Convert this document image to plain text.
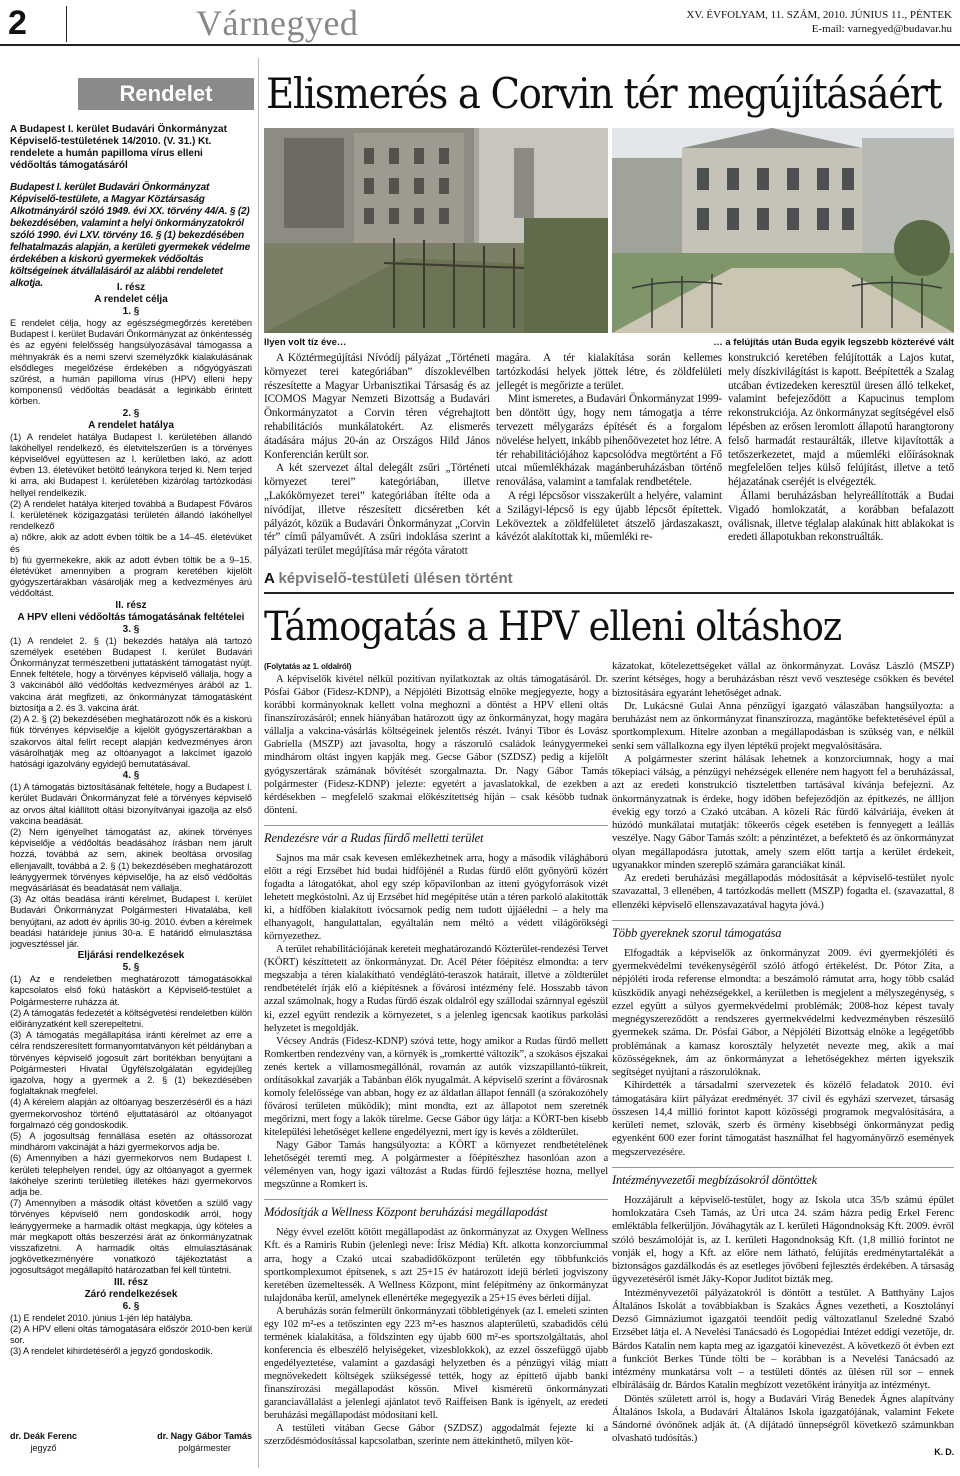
2	Várnegyed	XV. ÉVFOLYAM, 11. SZÁM, 2010. JÚNIUS 11., PÉNTEK
E-mail: varnegyed@budavar.hu
Rendelet
A Budapest I. kerület Budavári Önkormányzat Képviselő-testületének 14/2010. (V. 31.) Kt. rendelete a humán papilloma vírus elleni védőoltás támogatásáról
Budapest I. kerület Budavári Önkormányzat Képviselő-testülete, a Magyar Köztársaság Alkotmányáról szóló 1949. évi XX. törvény 44/A. § (2) bekezdésében, valamint a helyi önkormányzatokról szóló 1990. évi LXV. törvény 16. § (1) bekezdésében felhatalmazás alapján, a kerületi gyermekek védelme érdekében a kiskorú gyermekek védőoltás költségeinek átvállalásáról az alábbi rendeletet alkotja.	I. rész
A rendelet célja
1. §
E rendelet célja, hogy az egészségmegőrzés keretében Budapest I. kerület Budavári Önkormányzat az önkéntesség és az egyéni felelősség hangsúlyozásával támogassa a méhnyakrák és a nemi szervi személyzőkk kialakulásának elsődleges megelőzése érdekében a nőgyógyászati szűrést, a humán papilloma vírus (HPV) elleni hepy komponensű védőoltás beadását a leginkább érintett körben.
2. §
A rendelet hatálya
(1) A rendelet hatálya Budapest I. kerületében állandó lakóhellyel rendelkező, és életvitelszerűen is a törvényes képviselővel együttesen az I. kerületben lakó, az adott évben 13. életévüket betöltő leánykora terjed ki. Nem terjed ki arra, aki Budapest I. kerületében kizárólag tartózkodási hellyel rendelkezik.
(2) A rendelet hatálya kiterjed továbbá a Budapest Főváros I. kerületének közigazgatási területén állandó lakóhellyel rendelkező
a) nőkre, akik az adott évben töltik be a 14–45. életévüket és
b) fiú gyermekekre, akik az adott évben töltik be a 9–15. életévüket amennyiben a program keretében kijelölt gyógyszertárakban vásárolják meg a kedvezményes árú védőoltást.
II. rész
A HPV elleni védőoltás támogatásának feltételei
3. §
(1) A rendelet 2. § (1) bekezdés hatálya alá tartozó személyek esetében Budapest I. kerület Budavári Önkormányzat természetbeni juttatásként támogatást nyújt. Ennek feltétele, hogy a törvényes képviselő vállalja, hogy a 3 vakcinából álló védőoltás kedvezményes árából az 1. vakcina árát megfizeti, az önkormányzat támogatásként biztosítja a 2. és 3. vakcina árát.
(2) A 2. § (2) bekezdésében meghatározott nők és a kiskorú fiúk törvényes képviselője a kijelölt gyógyszertárakban a szakorvos által felírt recept alapján kedvezményes áron vásárolhatják meg az oltóanyagot a lakcímet igazoló hatósági igazolvány egyidejű bemutatásával.
4. §
(1) A támogatás biztosításának feltétele, hogy a Budapest I. kerület Budavári Önkormányzat felé a törvényes képviselő az orvos által kiállított oltási bizonyítványai igazolja az első vakcina beadását.
(2) Nem igényelhet támogatást az, akinek törvényes képviselője a védőoltás beadásához írásban nem járult hozzá, továbbá az sem, akinek beoltása orvosilag ellenjavallt, továbbá a 2. § (1) bekezdésében meghatározott leánygyermek törvényes képviselője, ha az első védőoltás megvásárlását és beadatását nem vállalja.
(3) Az oltás beadása iránti kérelmet, Budapest I. kerület Budavári Önkormányzat Polgármesteri Hivatalába, kell benyújtani, az adott év április 30-ig. 2010. évben a kérelmek beadási határideje június 30-a. E határidő elmulasztása jogvesztéssel jár.
Eljárási rendelkezések
5. §
(1) Az e rendeletben meghatározott támogatásokkal kapcsolatos első fokú hatáskört a Képviselő-testület a Polgármesterre ruházza át.
(2) A támogatás fedezetét a költségvetési rendeletben külön előirányzatként kell szerepeltetni.
(3) A támogatás megállapítása iránti kérelmet az erre a célra rendszeresített formanyomtatványon két példányban a törvényes képviselő jogosult zárt borítékban benyújtani a Polgármesteri Hivatal Ügyfélszolgálatán egyidejűleg igazolva, hogy a gyermek a 2. § (1) bekezdésében foglaltaknak megfelel.
(4) A kérelem alapján az oltóanyag beszerzéséről és a házi gyermekorvoshoz történő eljuttatásáról az oltóanyagot forgalmazó cég gondoskodik.
(5) A jogosultság fennállása esetén az oltássorozat mindhárom vakcináját a házi gyermekorvos adja be.
(6) Amennyiben a házi gyermekorvos nem Budapest I. kerületi telephelyen rendel, úgy az oltóanyagot a gyermek lakóhelye szerinti területileg illetékes házi gyermekorvos adja be.
(7) Amennyiben a második oltást követően a szülő vagy törvényes képviselő nem gondoskodik arról, hogy leánygyermeke a harmadik oltást megkapja, úgy köteles a már megkapott oltás beszerzési árát az önkormányzatnak visszafizetni. A harmadik oltás elmulasztásának jogkövetkezményére vonatkozó tájékoztatást a jogosultságot megállapító határozatban fel kell tüntetni.
III. rész
Záró rendelkezések
6. §
(1) E rendelet 2010. június 1-jén lép hatályba.
(2) A HPV elleni oltás támogatására először 2010-ben kerül sor.
(3) A rendelet kihirdetéséről a jegyző gondoskodik.
dr. Deák Ferenc
jegyző
dr. Nagy Gábor Tamás
polgármester
Elismerés a Corvin tér megújításáért
Ilyen volt tíz éve…	… a felújítás után Buda egyik legszebb közterévé vált

A Köztérmegújítási Nívódíj pályázat „Történeti környezet terei kategóriában” díszoklevélben részesítette a Magyar Urbanisztikai Társaság és az ICOMOS Magyar Nemzeti Bizottság a Budavári Önkormányzatot a Corvin téren végrehajtott rehabilitációs munkálatokért. Az elismerés átadására május 20-án az Országos Hild János Konferencián került sor.

A két szervezet által delegált zsűri „Történeti környezet terei” kategóriában, illetve „Lakókörnyezet terei” kategóriában ítélte oda a nívódíjat, illetve részesített dicséretben két pályázót, közük a Budavári Önkormányzat „Corvin tér” című pályaművét. A zsűri indoklása szerint a pályázati terület megújítása már régóta váratott

magára. A tér kialakítása során kellemes tartózkodási helyek jöttek létre, és zöldfelületi jellegét is megőrizte a terület.

Mint ismeretes, a Budavári Önkormányzat 1999-ben döntött úgy, hogy nem támogatja a térre tervezett mélygarázs építését és a forgalom növelése helyett, inkább pihenőövezetet hoz létre. A tér rehabilitációjához kapcsolódva megtörtént a Fő utcai műemlékházak magánberuházásban történő renoválása, valamint a tamfalak rendbetétele.

A régi lépcsősor visszakerült a helyére, valamint a Szilágyi-lépcső is egy újabb lépcsőt építettek. Leköveztek a zöldfelületet átszelő járdaszakaszt, kávézót alakítottak ki, műemléki re-

konstrukció keretében felújították a Lajos kutat, mely díszkivilágítást is kapott. Beépítették a Szalag utcában évtizedeken keresztül üresen álló telkeket, valamint befejeződött a Kapucinus templom rekonstrukciója. Az önkormányzat segítségével első lépésben az erősen leromlott állapotú harangtorony felső harmadát restaurálták, illetve kijavították a tetőszerkezetet, majd a műemléki előírásoknak megfelelően teljes külső felújítást, illetve a tető héjazatának cseréjét is elvégezték.

Állami beruházásban helyreállították a Budai Vigadó homlokzatát, a korábban befalazott oválisnak, illetve téglalap alakúnak hitt ablakokat is eredeti állapotukban rekonstruálták.

A képviselő-testületi ülésen történt
Támogatás a HPV elleni oltáshoz

(Folytatás az 1. oldalról)

A képviselők kivétel nélkül pozitívan nyilatkoztak az oltás támogatásáról. Dr. Pósfai Gábor (Fidesz-KDNP), a Népjóléti Bizottság elnöke megjegyezte, hogy a korábbi kormányoknak kellett volna meghozni a döntést a HPV elleni oltás finanszírozásáról; ennek hiányában határozott úgy az önkormányzat, hogy magára vállalja a vakcina-vásárlás költségeinek jelentős részét. Iványi Tibor és Lovász Gabriella (MSZP) azt javasolta, hogy a rászoruló családok leánygyermekei mindhárom oltást ingyen kapják meg. Gecse Gábor (SZDSZ) pedig a kijelölt gyógyszertárak számának bővítését szorgalmazta. Dr. Nagy Gábor Tamás polgármester (Fidesz-KDNP) jelezte: egyetért a javaslatokkal, de ezekben a kérdésekben – megfelelő szakmai előkészítettség híján – csak késöbb tudnak dönteni.

Rendezésre vár a Rudas fürdő melletti terület

Sajnos ma már csak kevesen emlékezhetnek arra, hogy a második világháború előtt a régi Erzsébet híd budai hídfőjénél a Rudas fürdő előtt gyönyörű közért fogadta a látogatókat, ahol egy szép kőpavilonban az itteni gyógyforrások vizét lehetett megkóstolni. Az új Erzsébet híd megépítése után a téren parkoló alakították ki, a hídfőben kialakított ivócsarnok pedig nem tudott újjáéledni – a hely ma elhanyagolt, hangulattalan, egyáltalán nem méltó a védett világörökségi környezethez.

A terület rehabilitációjának kereteit meghatározandó Közterület-rendezési Tervet (KÖRT) készíttetett az önkormányzat. Dr. Acél Péter főépítész elmondta: a terv megszabja a téren kialakítható vendéglátó-teraszok határait, illetve a zöldterület rendbetételét írják elő a kiépítésnek a fővárosi intézmény felé. Hosszabb távon azzal számolnak, hogy a Rudas fürdő észak oldalról egy szállodai szárnnyal egészül ki, ezzel együtt rendezik a környezetet, s a jelenleg igencsak kaotikus parkolási helyzetet is megoldják.

Vécsey András (Fidesz-KDNP) szóvá tette, hogy amikor a Rudas fürdő mellett Romkertben rendezvény van, a környék is „romkertté változik”, a szokásos éjszakai zenés kertek a villamosmegállónál, rovamán az autók vizszapillantó-tükreit, ordításokkal zavarják a Tabánban élők nyugalmát. A képviselő szerint a fővárosnak komoly felelőssége van abban, hogy ez az áldatlan állapot fennáll (a szórakozóhely fővárosi területen működik); mint mondta, ezt az állapotot nem szeretnék megőrizni, mert fogy a lakók türelme. Gecse Gábor úgy látja: a KÖRT-ben kisebb kitelepülési lehetőséget kellene engedélyezni, mert így is kevés a zöldterület.

Nagy Gábor Tamás hangsúlyozta: a KÖRT a környezet rendbetételének lehetőségét teremti meg. A polgármester a főépítészhez hasonlóan azon a véleményen van, hogy igazi változást a Rudas fürdő fejlesztése hozna, mellyel megszűnne a Romkert is.

Módosítják a Wellness Központ beruházási megállapodást

Négy évvel ezelőtt kötött megállapodást az önkormányzat az Oxygen Wellness Kft. és a Ramiris Rubin (jelenlegi neve: Írisz Média) Kft. alkotta konzorciummal arra, hogy a Czakó utcai szabadidőközpont területén egy többfunkciós sportkomplexumot építsenek, s azt 25+15 év határozott idejű bérleti jogviszony keretében üzemeltessék. A Wellness Központ, mint felépítmény az önkormányzat tulajdonába kerül, amelynek ellenértéke megegyezik a 25+15 éves bérleti díjjal.

A beruházás során felmerült önkormányzati többletigények (az I. emeleti szinten egy 102 m²-es a tetőszinten egy 223 m²-es hasznos alapterületű, szabadidős célú termének kialakítása, a földszinten egy újabb 600 m²-es sportszolgáltatás, ahol konferencia és elbeszélő helyiségeket, vizesblokkok), az ezzel összefüggő újabb engedélyeztetése, valamint a gazdasági helyzetben és a pénzügyi világ miatt megnövekedett költségek szükségessé tették, hogy az építtető újabb banki finanszírozási megállapodást kössön. Mivel kisméretű önkormányzati garanciavállalást a jelenlegi ajánlatot tevő Raiffeisen Bank is igényelt, az eredeti beruházási megállapodást módosítani kell.

A testületi vitában Gecse Gábor (SZDSZ) aggodalmát fejezte ki a szerződésmódosítással kapcsolatban, szerinte nem áttekinthető, milyen köt-

kázatokat, kötelezettségeket vállal az önkormányzat. Lovász László (MSZP) szerint kétséges, hogy a beruházásban részt vevő vesztesége csökken és bevétel biztosítására egyaránt lehetőséget adnak.

Dr. Lukácsné Gulai Anna pénzügyi igazgató válaszában hangsúlyozta: a beruházást nem az önkormányzat finanszírozza, magántőke befektetésével épül a sportkomplexum. Hitelre azonban a megállapodásban is szükség van, e nélkül senki sem vállalkozna egy ilyen léptékű projekt megvalósítására.

A polgármester szerint hálásak lehetnek a konzorciumnak, hogy a mai tőkepiaci válság, a pénzügyi nehézségek ellenére nem hagyott fel a beruházással, azt az eredeti konstrukció tisztelettben tartásával kívánja befejezni. Az önkormányzatnak is érdeke, hogy időben befejeződjön az építkezés, ne állljon évekig egy torzó a Czakó utcában. A közeli Rác fürdő kálváriája, éveken át húzódó munkálatai mutatják: tőkeerős cégek esetében is fennyegett a leállás veszélye. Nagy Gábor Tamás szólt: a pénzintézet, a befektető és az önkormányzat olyan megállapodásra jutottak, amely szem előtt tartja a kerület érdekeit, ugyanakkor minden szereplő számára garanciákat kínál.

Az eredeti beruházási megállapodás módosítását a képviselő-testület nyolc szavazattal, 3 ellenében, 4 tartózkodás mellett (MSZP) fogadta el. (szavazattal, 8 ellenzéki képviselő ellenszavazatával hagyta jóvá.)

Több gyereknek szorul támogatása

Elfogadták a képviselők az önkormányzat 2009. évi gyermekjóléti és gyermekvédelmi tevékenységéről szóló átfogó értékelést. Dr. Pótor Zita, a népjóléti iroda referense elmondta: a beszámoló rámutat arra, hogy több család küszködik anyagi nehézségekkel, a kerületben is megjelent a mélyszegénység, s ezzel együtt a súlyos gyermekvédelmi problémák; 2008-hoz képest tavaly megnégyszereződött a rendszeres gyermekvédelmi kedvezményben részesülő gyermekek száma. Dr. Pósfai Gábor, a Népjóléti Bizottság elnöke a legégetőbb problémának a kamasz korosztály helyzetét nevezte meg, akik a mai közösségeknek, ám az önkormányzat a lehetőségekhez mérten igyekszik segítséget nyújtani a rászorulóknak.

Kihirdették a társadalmi szervezetek és közélő feladatok 2010. évi támogatására kiírt pályázat eredményét. 37 civil és egyházi szervezet, társaság összesen 14,4 millió forintot kapott közösségi programok megvalósítására, a kerületi nemet, szlovák, szerb és örmény kisebbségi önkormányzat pedig egyenként 600 ezer forint támogatást használhat fel hagyományőrző események megszervezésére.

Intézményvezetői megbízásokról döntöttek

Hozzájárult a képviselő-testület, hogy az Iskola utca 35/b számú épület homlokzatára Cseh Tamás, az Úri utca 24. szám házra pedig Erkel Ferenc emléktábla felkerüljön. Jóváhagyták az I. kerületi Hágondnokság Kft. 2009. évről szóló beszámolóját is, az I. kerületi Hagondnokság Kft. (1,8 millió forintot ne vonják el, hogy a Kft. az előre nem látható, felújítás eredménytartalékát a biztonságos gazdálkodás és az esetleges jövőbeni fejlesztés érdekében. A társaság ügyvezetéséről ismét Jáky-Kopor Juditot bízták meg.

Intézményvezetői pályázatokról is döntött a testület. A Batthyány Lajos Általános Iskolát a továbbiakban is Szakács Ágnes vezetheti, a Kosztolányi Dezső Gimnáziumot igazgatói teendőit pedig változatlanul Szeledné Szabó Erzsébet látja el. A Nevelési Tanácsadó és Logopédiai Intézet eddigi vezetője, dr. Bárdos Katalin nem kapta meg az igazgatói kinevezést. A következő öt évben ezt a funkciót Berkes Tünde tölti be – korábban is a Nevelési Tanácsadó az intézmény munkatársa volt – a testületi döntés az ülésen rül sor – ennek elbírálásáig dr. Bárdos Katalin megbízott vezetőként irányítja az intézményt.

Döntés született arról is, hogy a Budavári Virág Benedek Ágnes alapítvány Általános Iskola, a Budavári Általános Iskola igazgatójának, valamint Fekete Sándorné óvónőnek adják át. (A díjátadó ünnepségről következő számunkban olvasható tudósítás.)

K. D.
